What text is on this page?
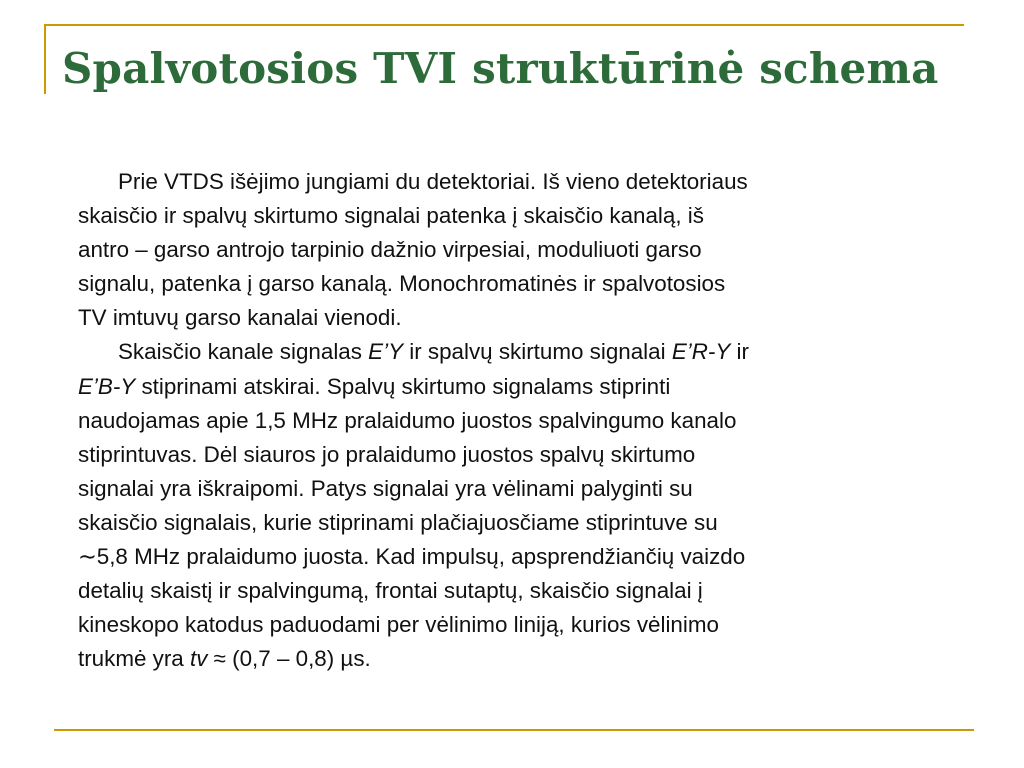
Spalvotosios TVI struktūrinė schema
Prie VTDS išėjimo jungiami du detektoriai. Iš vieno detektoriaus
skaisčio ir spalvų skirtumo signalai patenka į skaisčio kanalą, iš
antro – garso antrojo tarpinio dažnio virpesiai, moduliuoti garso
signalu, patenka į garso kanalą. Monochromatinės ir spalvotosios
TV imtuvų garso kanalai vienodi.
Skaisčio kanale signalas E’Y ir spalvų skirtumo signalai E’R-Y ir
E’B-Y stiprinami atskirai. Spalvų skirtumo signalams stiprinti
naudojamas apie 1,5 MHz pralaidumo juostos spalvingumo kanalo
stiprintuvas. Dėl siauros jo pralaidumo juostos spalvų skirtumo
signalai yra iškraipomi. Patys signalai yra vėlinami palyginti su
skaisčio signalais, kurie stiprinami plačiajuosčiame stiprintuve su
∼5,8 MHz pralaidumo juosta. Kad impulsų, apsprendžiančių vaizdo
detalių skaistį ir spalvingumą, frontai sutaptų, skaisčio signalai į
kineskopo katodus paduodami per vėlinimo liniją, kurios vėlinimo
trukmė yra tv ≈ (0,7 – 0,8) µs.
